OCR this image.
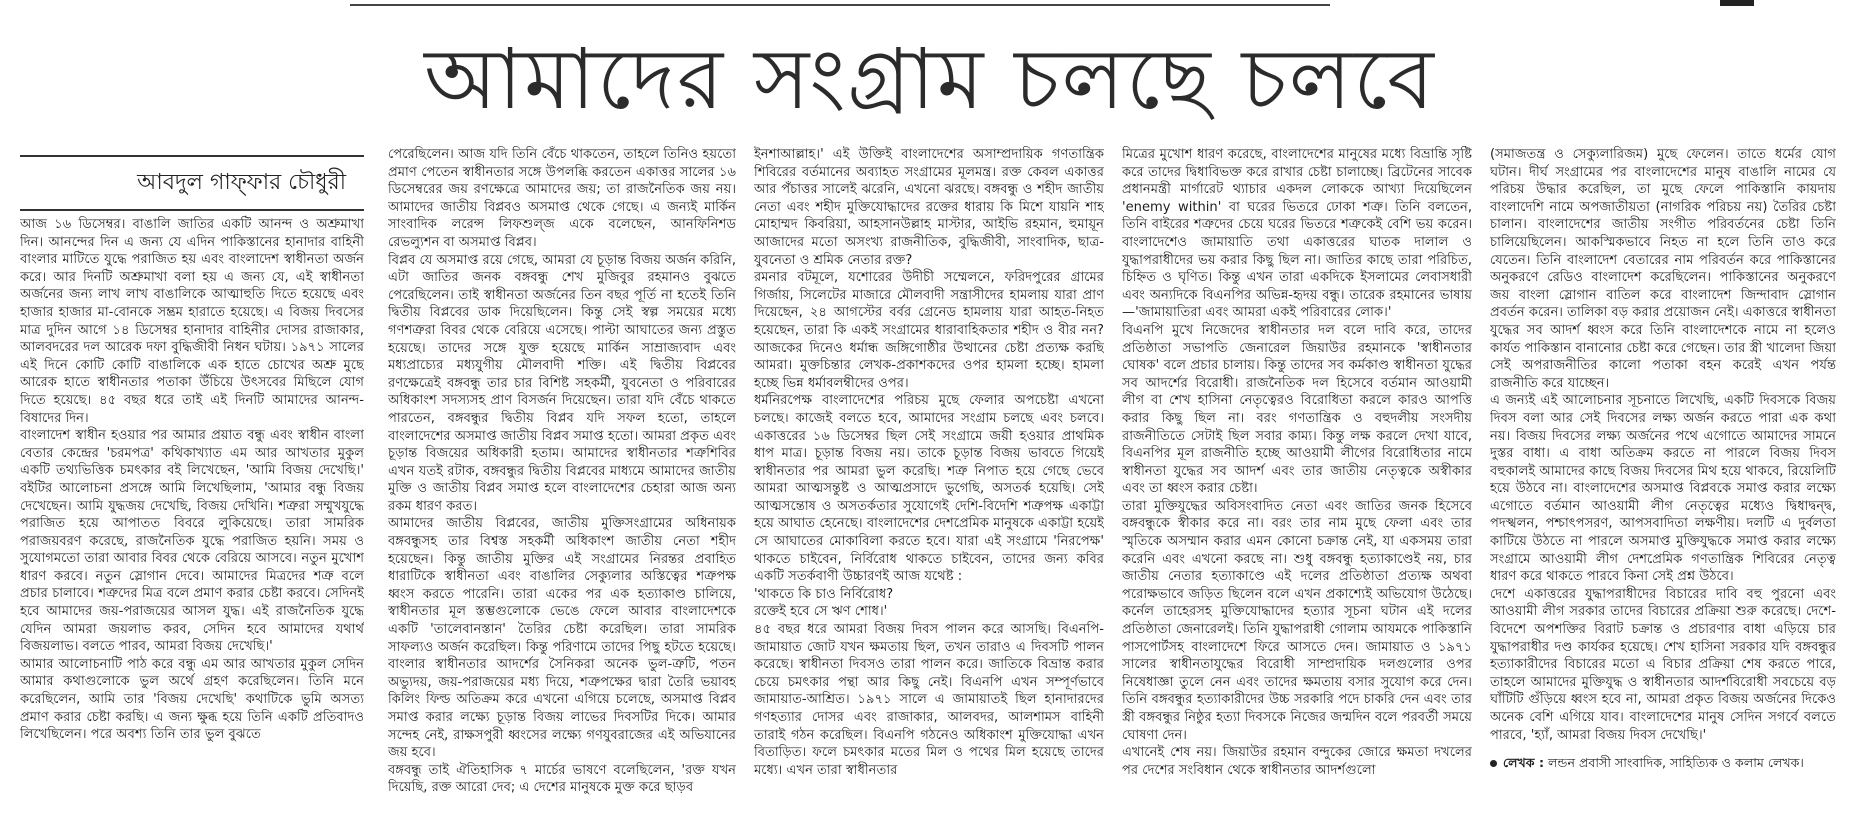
আমাদের সংগ্রাম চলছে চলবে
আবদুল গাফ্‌ফার চৌধুরী

আজ ১৬ ডিসেম্বর। বাঙালি জাতির একটি আনন্দ ও অশ্রুমাখা দিন। আনন্দের দিন এ জন্য যে এদিন পাকিস্তানের হানাদার বাহিনী বাংলার মাটিতে যুদ্ধে পরাজিত হয় এবং বাংলাদেশ স্বাধীনতা অর্জন করে। আর দিনটি অশ্রুমাখা বলা হয় এ জন্য যে, এই স্বাধীনতা অর্জনের জন্য লাখ লাখ বাঙালিকে আত্মাহুতি দিতে হয়েছে এবং হাজার হাজার মা-বোনকে সম্ভ্রম হারাতে হয়েছে। এ বিজয় দিবসের মাত্র দুদিন আগে ১৪ ডিসেম্বর হানাদার বাহিনীর দোসর রাজাকার, আলবদরের দল আরেক দফা বুদ্ধিজীবী নিধন ঘটায়। ১৯৭১ সালের এই দিনে কোটি কোটি বাঙালিকে এক হাতে চোখের অশ্রু মুছে আরেক হাতে স্বাধীনতার পতাকা উঁচিয়ে উৎসবের মিছিলে যোগ দিতে হয়েছে। ৪৫ বছর ধরে তাই এই দিনটি আমাদের আনন্দ-বিষাদের দিন।

বাংলাদেশ স্বাধীন হওয়ার পর আমার প্রয়াত বন্ধু এবং স্বাধীন বাংলা বেতার কেন্দ্রের 'চরমপত্র' কথিকাখ্যাত এম আর আখতার মুকুল একটি তথ্যভিত্তিক চমৎকার বই লিখেছেন, 'আমি বিজয় দেখেছি।' বইটির আলোচনা প্রসঙ্গে আমি লিখেছিলাম, 'আমার বন্ধু বিজয় দেখেছেন। আমি যুদ্ধজয় দেখেছি, বিজয় দেখিনি। শত্রুরা সম্মুখযুদ্ধে পরাজিত হয়ে আপাতত বিবরে লুকিয়েছে। তারা সামরিক পরাজয়বরণ করেছে, রাজনৈতিক যুদ্ধে পরাজিত হয়নি। সময় ও সুযোগমতো তারা আবার বিবর থেকে বেরিয়ে আসবে। নতুন মুখোশ ধারণ করবে। নতুন স্লোগান দেবে। আমাদের মিত্রদের শত্রু বলে প্রচার চালাবে। শত্রুদের মিত্র বলে প্রমাণ করার চেষ্টা করবে। সেদিনই হবে আমাদের জয়-পরাজয়ের আসল যুদ্ধ। এই রাজনৈতিক যুদ্ধে যেদিন আমরা জয়লাভ করব, সেদিন হবে আমাদের যথার্থ বিজয়লাভ। বলতে পারব, আমরা বিজয় দেখেছি।'

আমার আলোচনাটি পাঠ করে বন্ধু এম আর আখতার মুকুল সেদিন আমার কথাগুলোকে ভুল অর্থে গ্রহণ করেছিলেন। তিনি মনে করেছিলেন, আমি তার 'বিজয় দেখেছি' কথাটিকে ভুমি অসত্য প্রমাণ করার চেষ্টা করছি। এ জন্য ক্ষুব্ধ হয়ে তিনি একটি প্রতিবাদও লিখেছিলেন। পরে অবশ্য তিনি তার ভুল বুঝতে

পেরেছিলেন। আজ যদি তিনি বেঁচে থাকতেন, তাহলে তিনিও হয়তো প্রমাণ পেতেন স্বাধীনতার সঙ্গে উপলব্ধি করতেন একাত্তর সালের ১৬ ডিসেম্বরের জয় রণক্ষেত্রে আমাদের জয়; তা রাজনৈতিক জয় নয়। আমাদের জাতীয় বিপ্লবও অসমাপ্ত থেকে গেছে। এ জন্যই মার্কিন সাংবাদিক লরেন্স লিফশুল্জ একে বলেছেন, আনফিনিশড রেভল্যুশন বা অসমাপ্ত বিপ্লব।

বিপ্লব যে অসমাপ্ত রয়ে গেছে, আমরা যে চূড়ান্ত বিজয় অর্জন করিনি, এটা জাতির জনক বঙ্গবন্ধু শেখ মুজিবুর রহমানও বুঝতে পেরেছিলেন। তাই স্বাধীনতা অর্জনের তিন বছর পূর্তি না হতেই তিনি দ্বিতীয় বিপ্লবের ডাক দিয়েছিলেন। কিন্তু সেই স্বল্প সময়ের মধ্যে গণশত্রুরা বিবর থেকে বেরিয়ে এসেছে। পাল্টা আঘাতের জন্য প্রস্তুত হয়েছে। তাদের সঙ্গে যুক্ত হয়েছে মার্কিন সাম্রাজ্যবাদ এবং মধ্যপ্রাচ্যের মধ্যযুগীয় মৌলবাদী শক্তি। এই দ্বিতীয় বিপ্লবের রণক্ষেত্রেই বঙ্গবন্ধু তার চার বিশিষ্ট সহকর্মী, যুবনেতা ও পরিবারের অধিকাংশ সদস্যসহ প্রাণ বিসর্জন দিয়েছেন। তারা যদি বেঁচে থাকতে পারতেন, বঙ্গবন্ধুর দ্বিতীয় বিপ্লব যদি সফল হতো, তাহলে বাংলাদেশের অসমাপ্ত জাতীয় বিপ্লব সমাপ্ত হতো। আমরা প্রকৃত এবং চূড়ান্ত বিজয়ের অধিকারী হতাম। আমাদের স্বাধীনতার শত্রুশিবির এখন যতই রটাক, বঙ্গবন্ধুর দ্বিতীয় বিপ্লবের মাধ্যমে আমাদের জাতীয় মুক্তি ও জাতীয় বিপ্লব সমাপ্ত হলে বাংলাদেশের চেহারা আজ অন্য রকম ধারণ করত।

আমাদের জাতীয় বিপ্লবের, জাতীয় মুক্তিসংগ্রামের অধিনায়ক বঙ্গবন্ধুসহ তার বিশ্বস্ত সহকর্মী অধিকাংশ জাতীয় নেতা শহীদ হয়েছেন। কিন্তু জাতীয় মুক্তির এই সংগ্রামের নিরন্তর প্রবাহিত ধারাটিকে স্বাধীনতা এবং বাঙালির সেক্যুলার অস্তিত্বের শত্রুপক্ষ ধ্বংস করতে পারেনি। তারা একের পর এক হত্যাকাণ্ড চালিয়ে, স্বাধীনতার মূল স্তম্ভগুলোকে ভেঙে ফেলে আবার বাংলাদেশকে একটি 'তালেবানস্তান' তৈরির চেষ্টা করেছিল। তারা সামরিক সাফল্যও অর্জন করেছিল। কিন্তু পরিণামে তাদের পিছু হটতে হয়েছে। বাংলার স্বাধীনতার আদর্শের সৈনিকরা অনেক ভুল-ত্রুটি, পতন অভ্যুদয়, জয়-পরাজয়ের মধ্য দিয়ে, শত্রুপক্ষের দ্বারা তৈরি ভয়াবহ কিলিং ফিল্ড অতিক্রম করে এখনো এগিয়ে চলেছে, অসমাপ্ত বিপ্লব সমাপ্ত করার লক্ষ্যে চূড়ান্ত বিজয় লাভের দিবসটির দিকে। আমার সন্দেহ নেই, রাক্ষসপুরী ধ্বংসের লক্ষ্যে গণযুবরাজের এই অভিযানের জয় হবে।

বঙ্গবন্ধু তাই ঐতিহাসিক ৭ মার্চের ভাষণে বলেছিলেন, 'রক্ত যখন দিয়েছি, রক্ত আরো দেব; এ দেশের মানুষকে মুক্ত করে ছাড়ব

ইনশাআল্লাহ।' এই উক্তিই বাংলাদেশের অসাম্প্রদায়িক গণতান্ত্রিক শিবিরের বর্তমানের অব্যাহত সংগ্রামের মূলমন্ত্র। রক্ত কেবল একাত্তর আর পঁচাত্তর সালেই ঝরেনি, এখনো ঝরছে। বঙ্গবন্ধু ও শহীদ জাতীয় নেতা এবং শহীদ মুক্তিযোদ্ধাদের রক্তের ধারায় কি মিশে যায়নি শাহ মোহাম্মদ কিবরিয়া, আহসানউল্লাহ মাস্টার, আইভি রহমান, হুমায়ূন আজাদের মতো অসংখ্য রাজনীতিক, বুদ্ধিজীবী, সাংবাদিক, ছাত্র-যুবনেতা ও শ্রমিক নেতার রক্ত?

রমনার বটমূলে, যশোরের উদীচী সম্মেলনে, ফরিদপুরের গ্রামের গির্জায়, সিলেটের মাজারে মৌলবাদী সন্ত্রাসীদের হামলায় যারা প্রাণ দিয়েছেন, ২৪ আগস্টের বর্বর গ্রেনেড হামলায় যারা আহত-নিহত হয়েছেন, তারা কি একই সংগ্রামের ধারাবাহিকতার শহীদ ও বীর নন? আজকের দিনেও ধর্মান্ধ জঙ্গিগোষ্ঠীর উত্থানের চেষ্টা প্রত্যক্ষ করছি আমরা। মুক্তচিন্তার লেখক-প্রকাশকদের ওপর হামলা হচ্ছে। হামলা হচ্ছে ভিন্ন ধর্মাবলম্বীদের ওপর।

ধর্মনিরপেক্ষ বাংলাদেশের পরিচয় মুছে ফেলার অপচেষ্টা এখনো চলছে। কাজেই বলতে হবে, আমাদের সংগ্রাম চলছে এবং চলবে। একাত্তরের ১৬ ডিসেম্বর ছিল সেই সংগ্রামে জয়ী হওয়ার প্রাথমিক ধাপ মাত্র। চূড়ান্ত বিজয় নয়। তাকে চূড়ান্ত বিজয় ভাবতে গিয়েই স্বাধীনতার পর আমরা ভুল করেছি। শত্রু নিপাত হয়ে গেছে ভেবে আমরা আত্মসন্তুষ্ট ও আত্মপ্রসাদে ভুগেছি, অসতর্ক হয়েছি। সেই আত্মসন্তোষ ও অসতর্কতার সুযোগেই দেশি-বিদেশি শত্রুপক্ষ একাট্টা হয়ে আঘাত হেনেছে। বাংলাদেশের দেশপ্রেমিক মানুষকে একাট্টা হয়েই সে আঘাতের মোকাবিলা করতে হবে। যারা এই সংগ্রামে 'নিরপেক্ষ' থাকতে চাইবেন, নির্বিরোধ থাকতে চাইবেন, তাদের জন্য কবির একটি সতর্কবাণী উচ্চারণই আজ যথেষ্ট :

'থাকতে কি চাও নির্বিরোধ?

রক্তেই হবে সে ঋণ শোধ।'

৪৫ বছর ধরে আমরা বিজয় দিবস পালন করে আসছি। বিএনপি-জামায়াত জোট যখন ক্ষমতায় ছিল, তখন তারাও এ দিবসটি পালন করেছে। স্বাধীনতা দিবসও তারা পালন করে। জাতিকে বিভ্রান্ত করার চেয়ে চমৎকার পন্থা আর কিছু নেই। বিএনপি এখন সম্পূর্ণভাবে জামায়াত-আশ্রিত। ১৯৭১ সালে এ জামায়াতই ছিল হানাদারদের গণহত্যার দোসর এবং রাজাকার, আলবদর, আলশামস বাহিনী তারাই গঠন করেছিল। বিএনপি গঠনেও অধিকাংশ মুক্তিযোদ্ধা এখন বিতাড়িত। ফলে চমৎকার মতের মিল ও পথের মিল হয়েছে তাদের মধ্যে। এখন তারা স্বাধীনতার

মিত্রের মুখোশ ধারণ করেছে, বাংলাদেশের মানুষের মধ্যে বিভ্রান্তি সৃষ্টি করে তাদের দ্বিধাবিভক্ত করে রাখার চেষ্টা চালাচ্ছে। ব্রিটেনের সাবেক প্রধানমন্ত্রী মার্গারেট থ্যাচার একদল লোককে আখ্যা দিয়েছিলেন 'enemy within' বা ঘরের ভিতরে ঢোকা শত্রু। তিনি বলতেন, তিনি বাইরের শত্রুদের চেয়ে ঘরের ভিতরে শত্রুকেই বেশি ভয় করেন। বাংলাদেশেও জামায়াতি তথা একাত্তরের ঘাতক দালাল ও যুদ্ধাপরাধীদের ভয় করার কিছু ছিল না। জাতির কাছে তারা পরিচিত, চিহ্নিত ও ঘৃণিত। কিন্তু এখন তারা একদিকে ইসলামের লেবাসধারী এবং অন্যদিকে বিএনপির অভিন্ন-হৃদয় বন্ধু। তারেক রহমানের ভাষায়—'জামায়াতিরা এবং আমরা একই পরিবারের লোক।'

বিএনপি মুখে নিজেদের স্বাধীনতার দল বলে দাবি করে, তাদের প্রতিষ্ঠাতা সভাপতি জেনারেল জিয়াউর রহমানকে 'স্বাধীনতার ঘোষক' বলে প্রচার চালায়। কিন্তু তাদের সব কর্মকাণ্ড স্বাধীনতা যুদ্ধের সব আদর্শের বিরোধী। রাজনৈতিক দল হিসেবে বর্তমান আওয়ামী লীগ বা শেখ হাসিনা নেতৃত্বেরও বিরোধিতা করলে কারও আপত্তি করার কিছু ছিল না। বরং গণতান্ত্রিক ও বহুদলীয় সংসদীয় রাজনীতিতে সেটাই ছিল সবার কাম্য। কিন্তু লক্ষ করলে দেখা যাবে, বিএনপির মূল রাজনীতি হচ্ছে আওয়ামী লীগের বিরোধিতার নামে স্বাধীনতা যুদ্ধের সব আদর্শ এবং তার জাতীয় নেতৃত্বকে অস্বীকার এবং তা ধ্বংস করার চেষ্টা।

তারা মুক্তিযুদ্ধের অবিসংবাদিত নেতা এবং জাতির জনক হিসেবে বঙ্গবন্ধুকে স্বীকার করে না। বরং তার নাম মুছে ফেলা এবং তার স্মৃতিকে অসম্মান করার এমন কোনো চক্রান্ত নেই, যা একসময় তারা করেনি এবং এখনো করছে না। শুধু বঙ্গবন্ধু হত্যাকাণ্ডেই নয়, চার জাতীয় নেতার হত্যাকাণ্ডে এই দলের প্রতিষ্ঠাতা প্রত্যক্ষ অথবা পরোক্ষভাবে জড়িত ছিলেন বলে এখন প্রকাশ্যেই অভিযোগ উঠেছে। কর্নেল তাহেরসহ মুক্তিযোদ্ধাদের হত্যার সূচনা ঘটান এই দলের প্রতিষ্ঠাতা জেনারেলই। তিনি যুদ্ধাপরাধী গোলাম আযমকে পাকিস্তানি পাসপোর্টসহ বাংলাদেশে ফিরে আসতে দেন। জামায়াত ও ১৯৭১ সালের স্বাধীনতাযুদ্ধের বিরোধী সাম্প্রদায়িক দলগুলোর ওপর নিষেধাজ্ঞা তুলে নেন এবং তাদের ক্ষমতায় বসার সুযোগ করে দেন। তিনি বঙ্গবন্ধুর হত্যাকারীদের উচ্চ সরকারি পদে চাকরি দেন এবং তার স্ত্রী বঙ্গবন্ধুর নিষ্ঠুর হত্যা দিবসকে নিজের জন্মদিন বলে পরবর্তী সময়ে ঘোষণা দেন।

এখানেই শেষ নয়। জিয়াউর রহমান বন্দুকের জোরে ক্ষমতা দখলের পর দেশের সংবিধান থেকে স্বাধীনতার আদর্শগুলো

(সমাজতন্ত্র ও সেক্যুলারিজম) মুছে ফেলেন। তাতে ধর্মের যোগ ঘটান। দীর্ঘ সংগ্রামের পর বাংলাদেশের মানুষ বাঙালি নামের যে পরিচয় উদ্ধার করেছিল, তা মুছে ফেলে পাকিস্তানি কায়দায় বাংলাদেশি নামে অপজাতীয়তা (নাগরিক পরিচয় নয়) তৈরির চেষ্টা চালান। বাংলাদেশের জাতীয় সংগীত পরিবর্তনের চেষ্টা তিনি চালিয়েছিলেন। আকস্মিকভাবে নিহত না হলে তিনি তাও করে যেতেন। তিনি বাংলাদেশ বেতারের নাম পরিবর্তন করে পাকিস্তানের অনুকরণে রেডিও বাংলাদেশ করেছিলেন। পাকিস্তানের অনুকরণে জয় বাংলা স্লোগান বাতিল করে বাংলাদেশ জিন্দাবাদ স্লোগান প্রবর্তন করেন। তালিকা বড় করার প্রয়োজন নেই। একাত্তরে স্বাধীনতা যুদ্ধের সব আদর্শ ধ্বংস করে তিনি বাংলাদেশকে নামে না হলেও কার্যত পাকিস্তান বানানোর চেষ্টা করে গেছেন। তার স্ত্রী খালেদা জিয়া সেই অপরাজনীতির কালো পতাকা বহন করেই এখন পর্যন্ত রাজনীতি করে যাচ্ছেন।

এ জন্যই এই আলোচনার সূচনাতে লিখেছি, একটি দিবসকে বিজয় দিবস বলা আর সেই দিবসের লক্ষ্য অর্জন করতে পারা এক কথা নয়। বিজয় দিবসের লক্ষ্য অর্জনের পথে এগোতে আমাদের সামনে দুস্তর বাধা। এ বাধা অতিক্রম করতে না পারলে বিজয় দিবস বহুকালই আমাদের কাছে বিজয় দিবসের মিথ হয়ে থাকবে, রিয়েলিটি হয়ে উঠবে না। বাংলাদেশের অসমাপ্ত বিপ্লবকে সমাপ্ত করার লক্ষ্যে এগোতে বর্তমান আওয়ামী লীগ নেতৃত্বের মধ্যেও দ্বিধাদ্বন্দ্ব, পদস্খলন, পশ্চাৎপসরণ, আপসবাদিতা লক্ষণীয়। দলটি এ দুর্বলতা কাটিয়ে উঠতে না পারলে অসমাপ্ত মুক্তিযুদ্ধকে সমাপ্ত করার লক্ষ্যে সংগ্রামে আওয়ামী লীগ দেশপ্রেমিক গণতান্ত্রিক শিবিরের নেতৃত্ব ধারণ করে থাকতে পারবে কিনা সেই প্রশ্ন উঠবে।

দেশে একাত্তরের যুদ্ধাপরাধীদের বিচারের দাবি বহু পুরনো এবং আওয়ামী লীগ সরকার তাদের বিচারের প্রক্রিয়া শুরু করেছে। দেশে-বিদেশে অপশক্তির বিরাট চক্রান্ত ও প্রচারণার বাধা এড়িয়ে চার যুদ্ধাপরাধীর দণ্ড কার্যকর হয়েছে। শেখ হাসিনা সরকার যদি বঙ্গবন্ধুর হত্যাকারীদের বিচারের মতো এ বিচার প্রক্রিয়া শেষ করতে পারে, তাহলে আমাদের মুক্তিযুদ্ধ ও স্বাধীনতার আদর্শবিরোধী সবচেয়ে বড় ঘাঁটিটি গুঁড়িয়ে ধ্বংস হবে না, আমরা প্রকৃত বিজয় অর্জনের দিকেও অনেক বেশি এগিয়ে যাব। বাংলাদেশের মানুষ সেদিন সগর্বে বলতে পারবে, 'হ্যাঁ, আমরা বিজয় দিবস দেখেছি।'

লেখক : লন্ডন প্রবাসী সাংবাদিক, সাহিত্যিক ও কলাম লেখক।
